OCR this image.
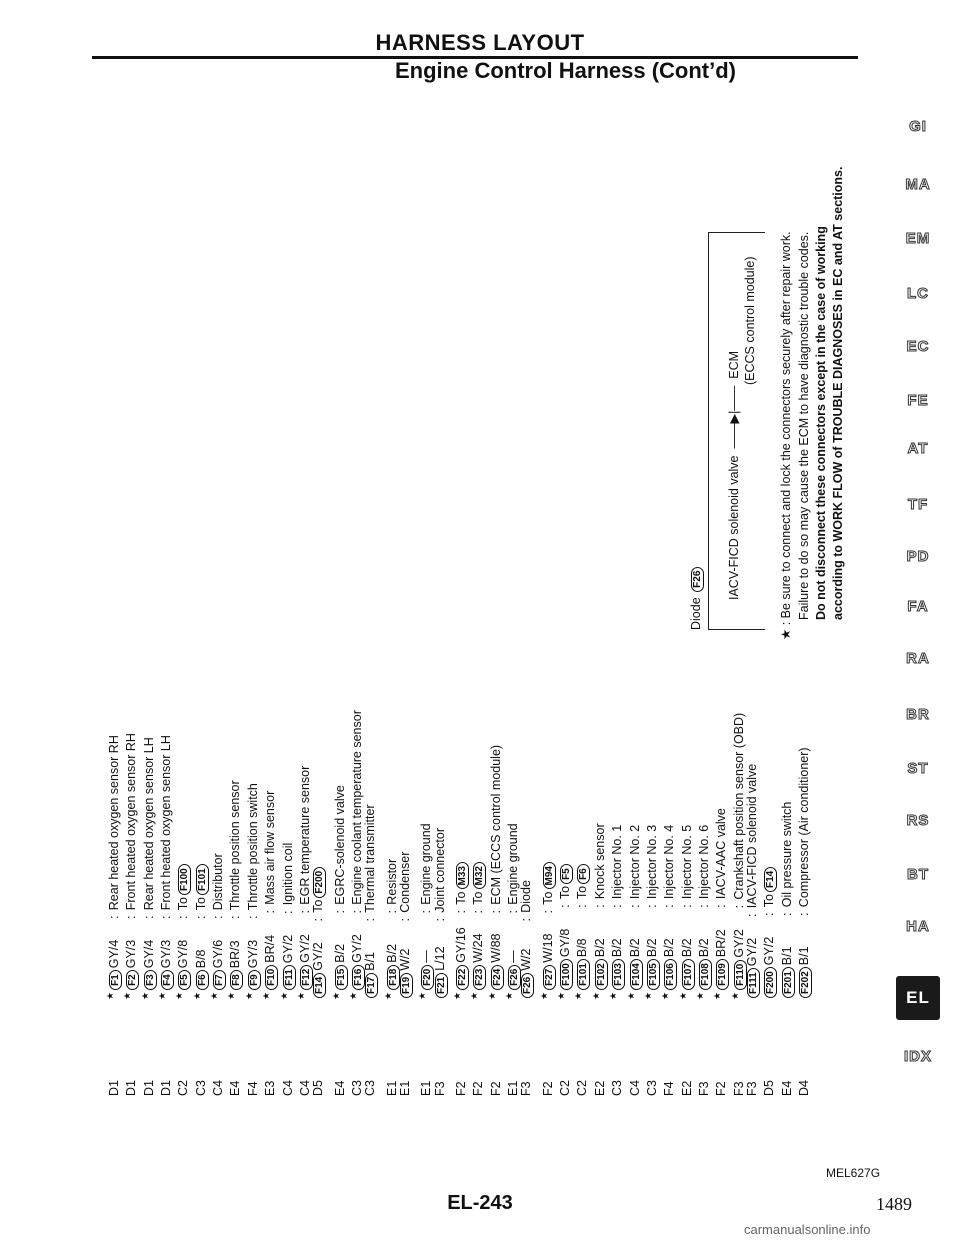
HARNESS LAYOUT
Engine Control Harness (Cont’d)
D1★F1GY/4:Rear heated oxygen sensor RH
D1★F2GY/3:Front heated oxygen sensor RH
D1★F3GY/4:Rear heated oxygen sensor LH
D1★F4GY/3:Front heated oxygen sensor LH
C2★F5GY/8:ToF100
C3★F6B/8:ToF101
C4★F7GY/6:Distributor
E4★F8BR/3:Throttle position sensor
F4★F9GY/3:Throttle position switch
E3★F10BR/4:Mass air flow sensor
C4★F11GY/2:Ignition coil
C4★F12GY/2:EGR temperature sensor
D5F14GY/2:ToF200
E4★F15B/2:EGRC-solenoid valve
C3★F16GY/2:Engine coolant temperature sensor
C3F17B/1:Thermal transmitter
E1★F18B/2:Resistor
E1F19W/2:Condenser
E1★F20—:Engine ground
F3F21L/12:Joint connector
F2★F22GY/16:ToM33
F2★F23W/24:ToM32
F2★F24W/88:ECM (ECCS control module)
E1★F26—:Engine ground
F3F26W/2:Diode
F2★F27W/18:ToM94
C2★F100GY/8:ToF5
C2★F101B/8:ToF6
E2★F102B/2:Knock sensor
C3★F103B/2:Injector No. 1
C4★F104B/2:Injector No. 2
C3★F105B/2:Injector No. 3
F4★F106B/2:Injector No. 4
E2★F107B/2:Injector No. 5
F3★F108B/2:Injector No. 6
F2★F109BR/2:IACV-AAC valve
F3★F110GY/2:Crankshaft position sensor (OBD)
F3F111GY/2:IACV-FICD solenoid valve
D5F200GY/2:ToF14
E4F201B/1:Oil pressure switch
D4F202B/1:Compressor (Air conditioner)
Diode F26 IACV-FICD solenoid valve  ——▶|——  ECM (ECCS control module)
★ : Be sure to connect and lock the connectors securely after repair work. Failure to do so may cause the ECM to have diagnostic trouble codes. Do not disconnect these connectors except in the case of working according to WORK FLOW of TROUBLE DIAGNOSES in EC and AT sections.
GI
MA
EM
LC
EC
FE
AT
TF
PD
FA
RA
BR
ST
RS
BT
HA
EL
IDX
MEL627G
EL-243	1489
carmanualsonline.info
